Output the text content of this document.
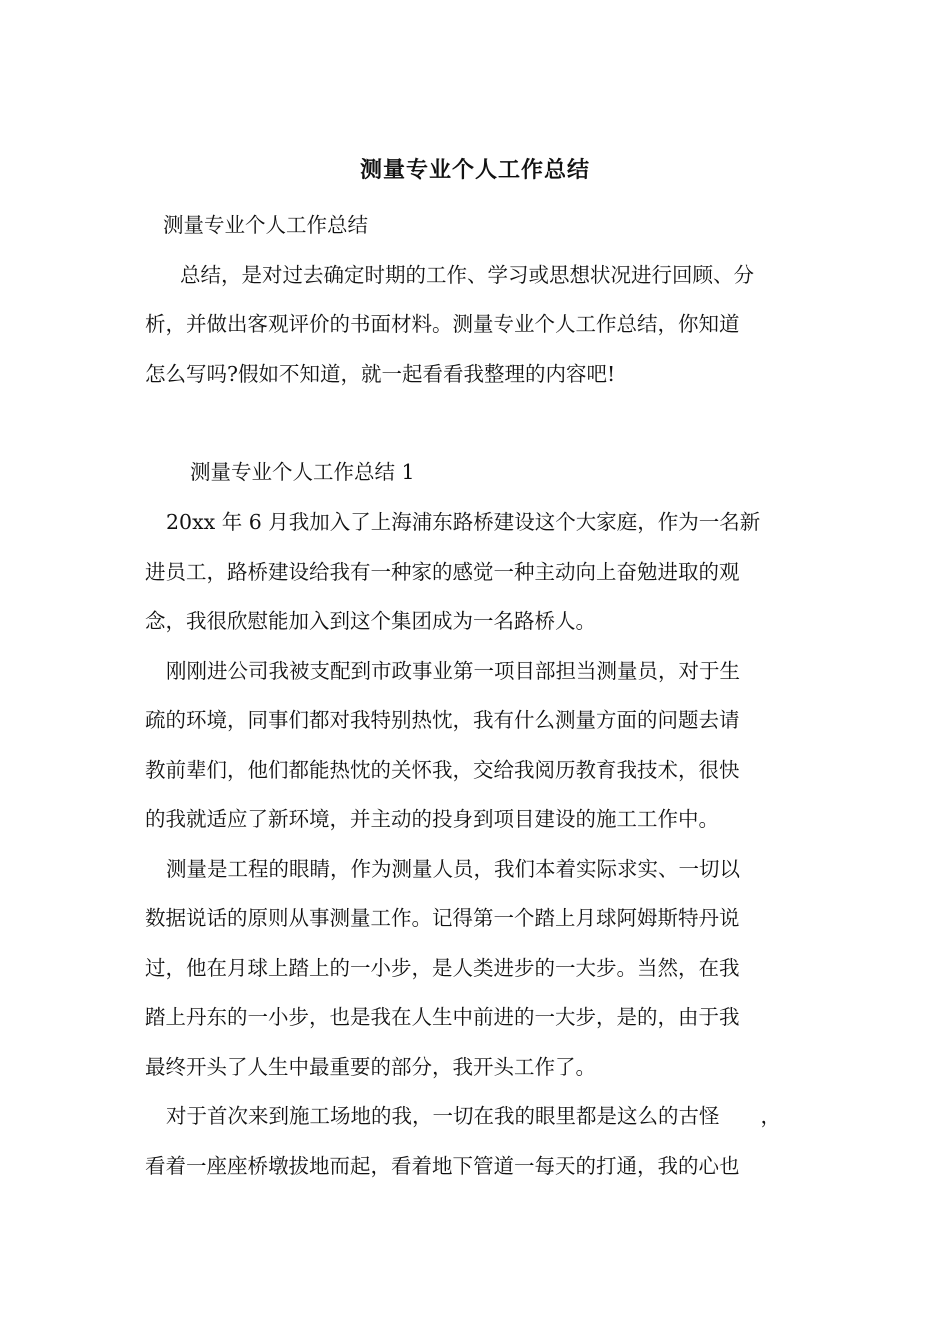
测量专业个人工作总结
测量专业个人工作总结
总结，是对过去确定时期的工作、学习或思想状况进行回顾、分
析，并做出客观评价的书面材料。测量专业个人工作总结，你知道
怎么写吗?假如不知道，就一起看看我整理的内容吧!
测量专业个人工作总结 1
20xx 年 6 月我加入了上海浦东路桥建设这个大家庭，作为一名新
进员工，路桥建设给我有一种家的感觉一种主动向上奋勉进取的观
念，我很欣慰能加入到这个集团成为一名路桥人。
刚刚进公司我被支配到市政事业第一项目部担当测量员，对于生
疏的环境，同事们都对我特别热忱，我有什么测量方面的问题去请
教前辈们，他们都能热忱的关怀我，交给我阅历教育我技术，很快
的我就适应了新环境，并主动的投身到项目建设的施工工作中。
测量是工程的眼睛，作为测量人员，我们本着实际求实、一切以
数据说话的原则从事测量工作。记得第一个踏上月球阿姆斯特丹说
过，他在月球上踏上的一小步，是人类进步的一大步。当然，在我
踏上丹东的一小步，也是我在人生中前进的一大步，是的，由于我
最终开头了人生中最重要的部分，我开头工作了。
对于首次来到施工场地的我，一切在我的眼里都是这么的古怪　　，
看着一座座桥墩拔地而起，看着地下管道一每天的打通，我的心也
